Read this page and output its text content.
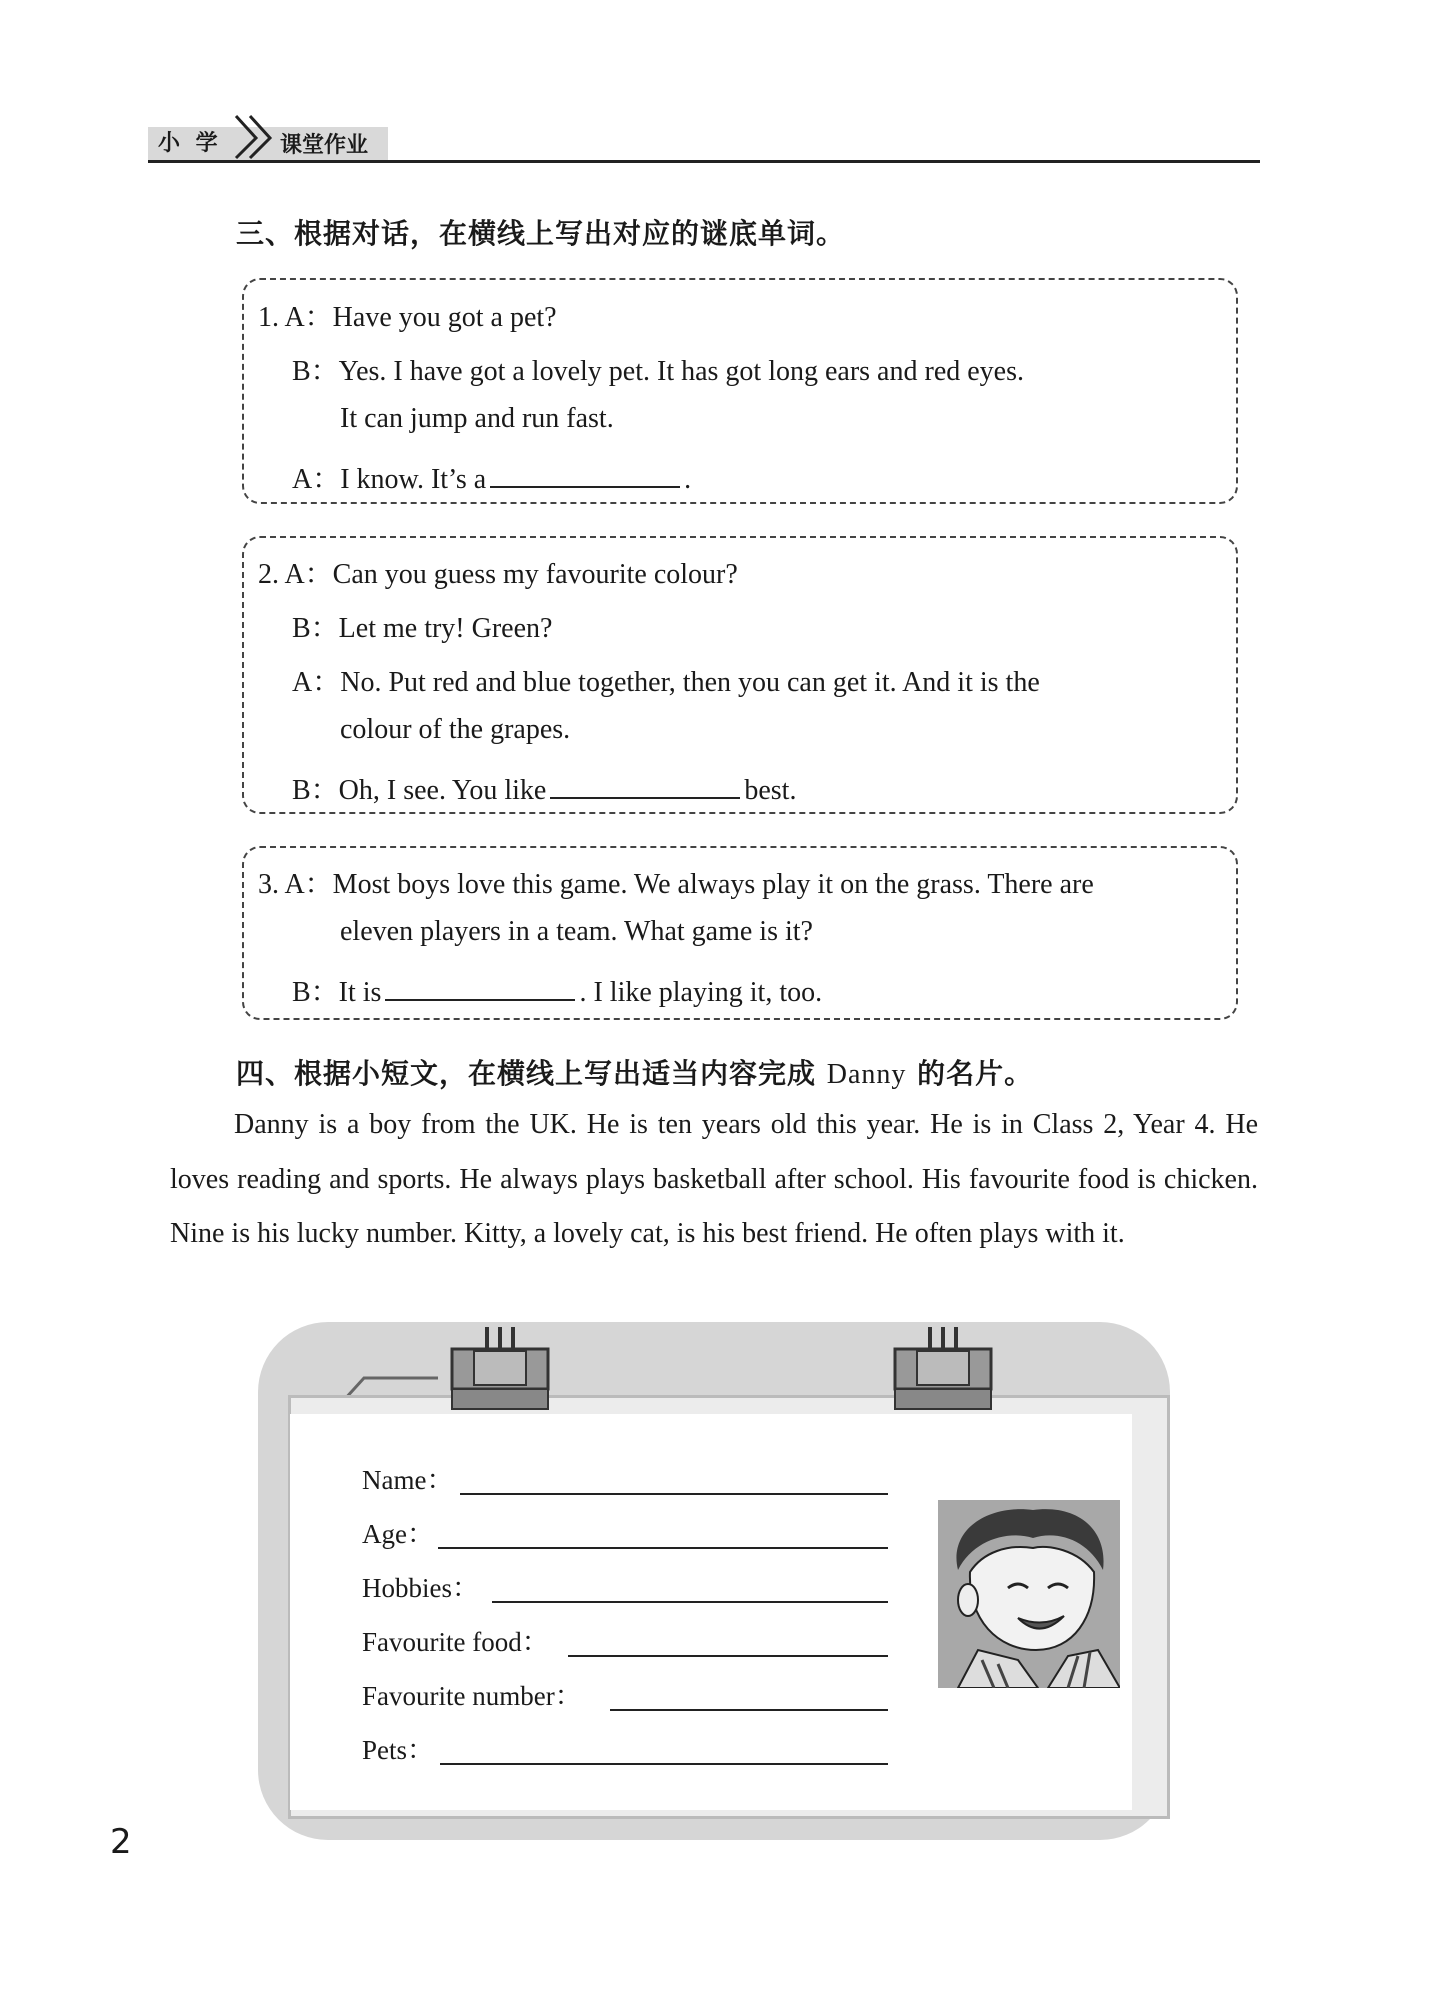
小 学	课堂作业
三、根据对话，在横线上写出对应的谜底单词。
1. A：Have you got a pet?
B：Yes. I have got a lovely pet. It has got long ears and red eyes.
It can jump and run fast.
A：I know. It’s a	.
2. A：Can you guess my favourite colour?
B：Let me try! Green?
A：No. Put red and blue together, then you can get it. And it is the
colour of the grapes.
B：Oh, I see. You like	best.
3. A：Most boys love this game. We always play it on the grass. There are
eleven players in a team. What game is it?
B：It is	. I like playing it, too.
四、根据小短文，在横线上写出适当内容完成 Danny 的名片。

Danny is a boy from the UK. He is ten years old this year. He is in Class 2, Year 4. He loves reading and sports. He always plays basketball after school. His favourite food is chicken. Nine is his lucky number. Kitty, a lovely cat, is his best friend. He often plays with it.

Name：
Age：
Hobbies：
Favourite food：
Favourite number：
Pets：
2
